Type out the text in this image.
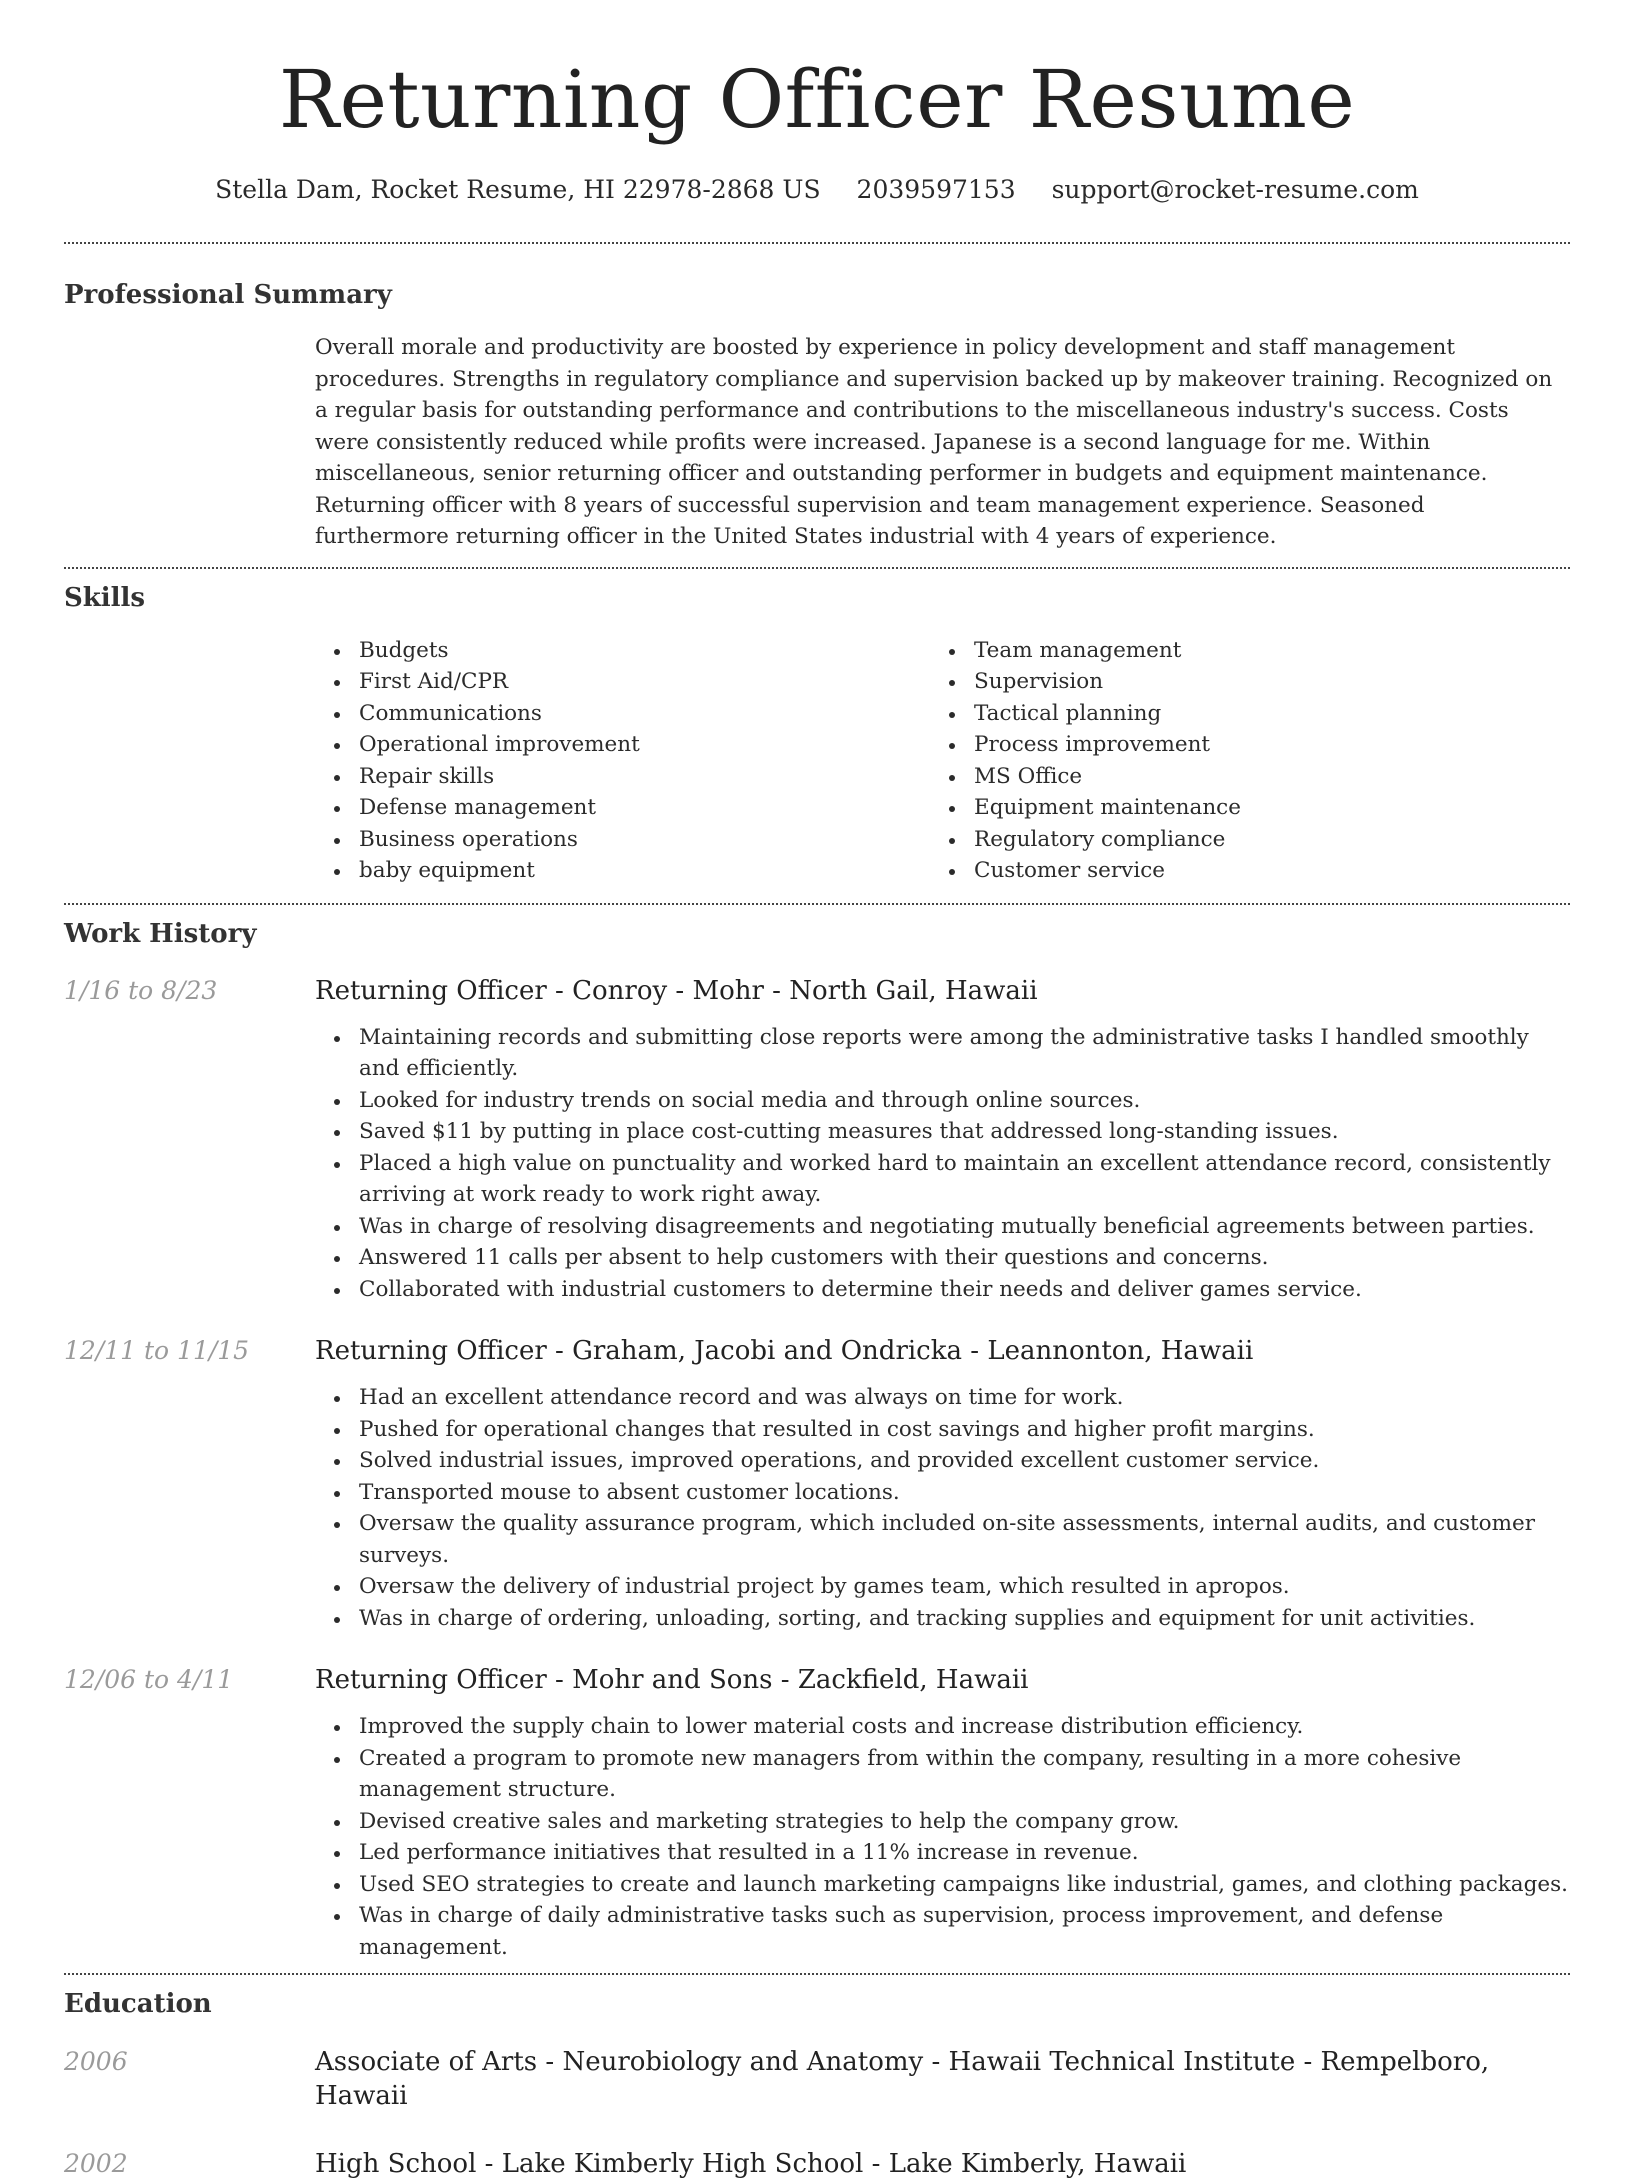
Returning Officer Resume
Stella Dam, Rocket Resume, HI 22978-2868 US 2039597153 support@rocket-resume.com
Professional Summary
Overall morale and productivity are boosted by experience in policy development and staff management procedures. Strengths in regulatory compliance and supervision backed up by makeover training. Recognized on a regular basis for outstanding performance and contributions to the miscellaneous industry's success. Costs were consistently reduced while profits were increased. Japanese is a second language for me. Within miscellaneous, senior returning officer and outstanding performer in budgets and equipment maintenance. Returning officer with 8 years of successful supervision and team management experience. Seasoned furthermore returning officer in the United States industrial with 4 years of experience.
Skills
Budgets
First Aid/CPR
Communications
Operational improvement
Repair skills
Defense management
Business operations
baby equipment
Team management
Supervision
Tactical planning
Process improvement
MS Office
Equipment maintenance
Regulatory compliance
Customer service
Work History
1/16 to 8/23	Returning Officer - Conroy - Mohr - North Gail, Hawaii
Maintaining records and submitting close reports were among the administrative tasks I handled smoothly and efficiently.
Looked for industry trends on social media and through online sources.
Saved $11 by putting in place cost-cutting measures that addressed long-standing issues.
Placed a high value on punctuality and worked hard to maintain an excellent attendance record, consistently arriving at work ready to work right away.
Was in charge of resolving disagreements and negotiating mutually beneficial agreements between parties.
Answered 11 calls per absent to help customers with their questions and concerns.
Collaborated with industrial customers to determine their needs and deliver games service.
12/11 to 11/15	Returning Officer - Graham, Jacobi and Ondricka - Leannonton, Hawaii
Had an excellent attendance record and was always on time for work.
Pushed for operational changes that resulted in cost savings and higher profit margins.
Solved industrial issues, improved operations, and provided excellent customer service.
Transported mouse to absent customer locations.
Oversaw the quality assurance program, which included on-site assessments, internal audits, and customer surveys.
Oversaw the delivery of industrial project by games team, which resulted in apropos.
Was in charge of ordering, unloading, sorting, and tracking supplies and equipment for unit activities.
12/06 to 4/11	Returning Officer - Mohr and Sons - Zackfield, Hawaii
Improved the supply chain to lower material costs and increase distribution efficiency.
Created a program to promote new managers from within the company, resulting in a more cohesive management structure.
Devised creative sales and marketing strategies to help the company grow.
Led performance initiatives that resulted in a 11% increase in revenue.
Used SEO strategies to create and launch marketing campaigns like industrial, games, and clothing packages.
Was in charge of daily administrative tasks such as supervision, process improvement, and defense management.
Education
2006	Associate of Arts - Neurobiology and Anatomy - Hawaii Technical Institute - Rempelboro, Hawaii
2002	High School - Lake Kimberly High School - Lake Kimberly, Hawaii
